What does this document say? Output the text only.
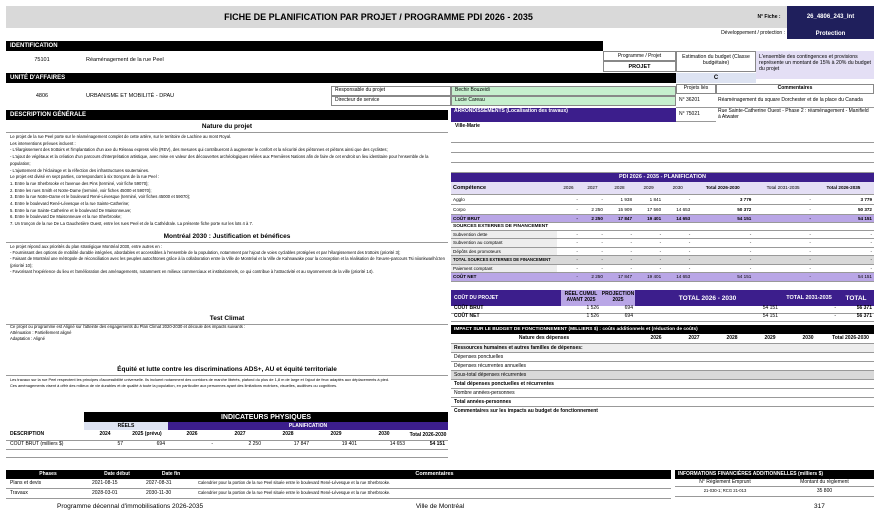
FICHE DE PLANIFICATION PAR PROJET / PROGRAMME PDI 2026 - 2035	N° Fiche :	26_4806_243_Int
Développement / protection :	Protection
IDENTIFICATION
75101	Réaménagement de la rue Peel
Programme / Projet
PROJET
Estimation du budget (Classe budgétaire)
L'ensemble des contingences et provisions représente un montant de 15% à 20% du budget du projet
UNITÉ D'AFFAIRES	C
4806	URBANISME ET MOBILITÉ - DPAU
Responsable du projet	Bechir Bouzeidi
Directeur de service	Lucie Careau
Projets liés	Commentaires
N° 36201	Réaménagement du square Dorchester et de la place du Canada
N° 75021	Rue Sainte-Catherine Ouest - Phase 2 : réaménagement - Manifield à Atwater
DESCRIPTION GÉNÉRALE
ARRONDISSEMENTS (Localisation des travaux)
Ville-Marie
Nature du projet
Le projet de la rue Peel porte sur le réaménagement complet de cette artère, sur le territoire de Lachine au mont Royal.
Les interventions prévues incluent :
- L'élargissement des trottoirs et l'implantation d'un axe du Réseau express vélo (REV), des mesures qui contribueront à augmenter le confort et la sécurité des piétonnes et piétons ainsi que des cyclistes;
- L'ajout de végétaux et la création d'un parcours d'interprétation artistique, avec mise en valeur des découvertes archéologiques reliées aux Premières Nations afin de faire de cet endroit un lieu identitaire pour l'ensemble de la population;
- L'ajustement de l'éclairage et la réfection des infrastructures souterraines.
Le projet est divisé en sept parties, correspondant à six tronçons de la rue Peel :
1. Entre la rue Sherbrooke et l'avenue des Pins (terminé, voir fiche 59070);
2. Entre les rues Smith et Notre-Dame (terminé, voir fiches 45000 et 59070);
3. Entre la rue Notre-Dame et le boulevard René-Lévesque (terminé, voir fiches 45000 et 59070);
4. Entre le boulevard René-Lévesque et la rue Sainte-Catherine;
5. Entre la rue Sainte-Catherine et le boulevard De Maisonneuve;
6. Entre le boulevard De Maisonneuve et la rue Sherbrooke;
7. Un tronçon de la rue De La Gauchetière Ouest, entre les rues Peel et de la Cathédrale. La présente fiche porte sur les lots 4 à 7.
Montréal 2030 : Justification et bénéfices
Le projet répond aux priorités du plan stratégique Montréal 2030, entre autres en :
- Fournissant des options de mobilité durable intégrées, abordables et accessibles à l'ensemble de la population, notamment par l'ajout de voies cyclables protégées et par l'élargissement des trottoirs (priorité 3);
- Faisant de Montréal une métropole de réconciliation avec les peuples autochtones grâce à la collaboration entre la Ville de Montréal et la Ville de Kahnawake pour la conception et la réalisation de l'œuvre-parcours Tsi niionkwarihò:ten (priorité 10);
- Favorisant l'expérience du lieu et l'amélioration des aménagements, notamment en milieux commerciaux et institutionnels, ce qui contribue à l'attractivité et au rayonnement de la ville (priorité 14).
Test Climat
Ce projet ou programme est Aligné sur l'atteinte des engagements du Plan Climat 2020-2030 et découle des impacts suivants :
Atténuation : Partiellement aligné
Adaptation : Aligné
Équité et lutte contre les discriminations ADS+, AU et équité territoriale
Les travaux sur la rue Peel respectent les principes d'accessibilité universelle. Ils incluent notamment des corridors de marche libérés, plafond du plus de 1,8 m de large et l'ajout de feux adaptés aux déplacements à pied.
Ces aménagements visent à offrir des milieux de vie durables et de qualité à toute la population, en particulier aux personnes ayant des limitations motrices, visuelles, auditives ou cognitives.
PDI 2026 - 2035 - PLANIFICATION
Compétence	2026	2027	2028	2029	2030	Total 2026-2030	Total 2031-2035	Total 2026-2035
Agglo	-	-	1 938	1 841	-	3 779	-	3 779
Corpo	-	2 250	15 909	17 560	14 653	50 372	-	50 372
COÛT BRUT	-	2 250	17 847	19 401	14 653	54 151	-	54 151
SOURCES EXTERNES DE FINANCEMENT								
Subvention dette	-	-	-	-	-	-	-	-
Subvention au comptant	-	-	-	-	-	-	-	-
Dépôts des promoteurs	-	-	-	-	-	-	-	-
TOTAL SOURCES EXTERNES DE FINANCEMENT	-	-	-	-	-	-	-	-
Paiement comptant	-	-	-	-	-	-	-	-
COÛT NET	-	2 250	17 847	19 401	14 653	54 151	-	54 151
COÛT DU PROJET
RÉEL CUMUL AVANT 2025
PROJECTION 2025	TOTAL 2026 - 2030	TOTAL 2031-2035	TOTAL
COÛT BRUT	1 526	694	54 151	-	56 371
COÛT NET	1 526	694	54 151	-	56 371
IMPACT SUR LE BUDGET DE FONCTIONNEMENT (MILLIERS $) : coûts additionnels et (réduction de coûts)
Nature des dépenses	2026	2027	2028	2029	2030	Total 2026-2030
Ressources humaines et autres familles de dépenses:
Dépenses ponctuelles
Dépenses récurrentes annuelles
Sous-total dépenses récurrentes
Total dépenses ponctuelles et récurrentes
Nombre années-personnes
Total années-personnes
Commentaires sur les impacts au budget de fonctionnement
INDICATEURS PHYSIQUES
RÉELS	PLANIFICATION
DESCRIPTION	2024	2025 (prévu)	2026	2027	2028	2029	2030	Total 2026-2030
COÛT BRUT (milliers $)	57	694	-	2 250	17 847	19 401	14 653	54 151
Phases	Date début	Date fin	Commentaires
Plans et devis	2021-08-15	2027-08-31	Calendrier pour la portion de la rue Peel située entre le boulevard René-Lévesque et la rue Sherbrooke.
Travaux	2028-03-01	2030-11-30	Calendrier pour la portion de la rue Peel située entre le boulevard René-Lévesque et la rue Sherbrooke.
INFORMATIONS FINANCIÈRES ADDITIONNELLES (milliers $)
N° Règlement Emprunt	Montant du règlement
21-030-1; RCG 21-013	35 800
Programme décennal d'immobilisations 2026-2035	Ville de Montréal	317
